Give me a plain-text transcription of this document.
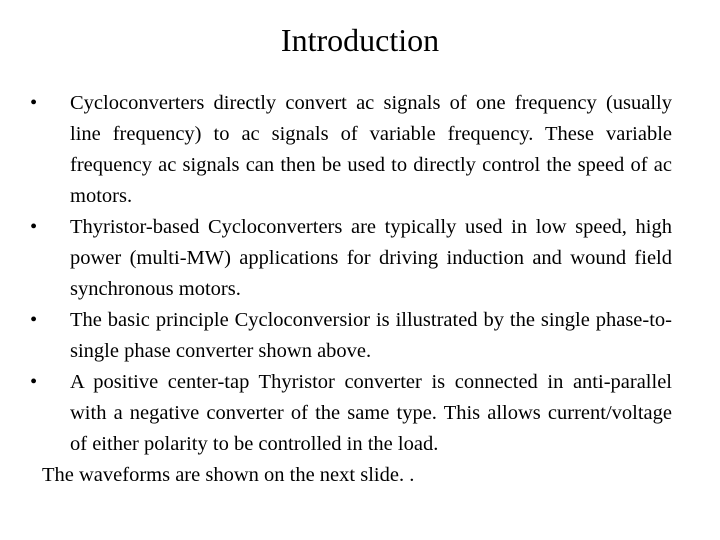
Introduction
•	Cycloconverters directly convert ac signals of one frequency (usually line frequency) to ac signals of variable frequency. These variable frequency ac signals can then be used to directly control the speed of ac motors.
•	Thyristor-based Cycloconverters are typically used in low speed, high power (multi-MW) applications for driving induction and wound field synchronous motors.
•	The basic principle Cycloconversior is illustrated by the single phase-to-single phase converter shown above.
•	A positive center-tap Thyristor converter is connected in anti-parallel with a negative converter of the same type. This allows current/voltage of either polarity to be controlled in the load.
The waveforms are shown on the next slide. .
